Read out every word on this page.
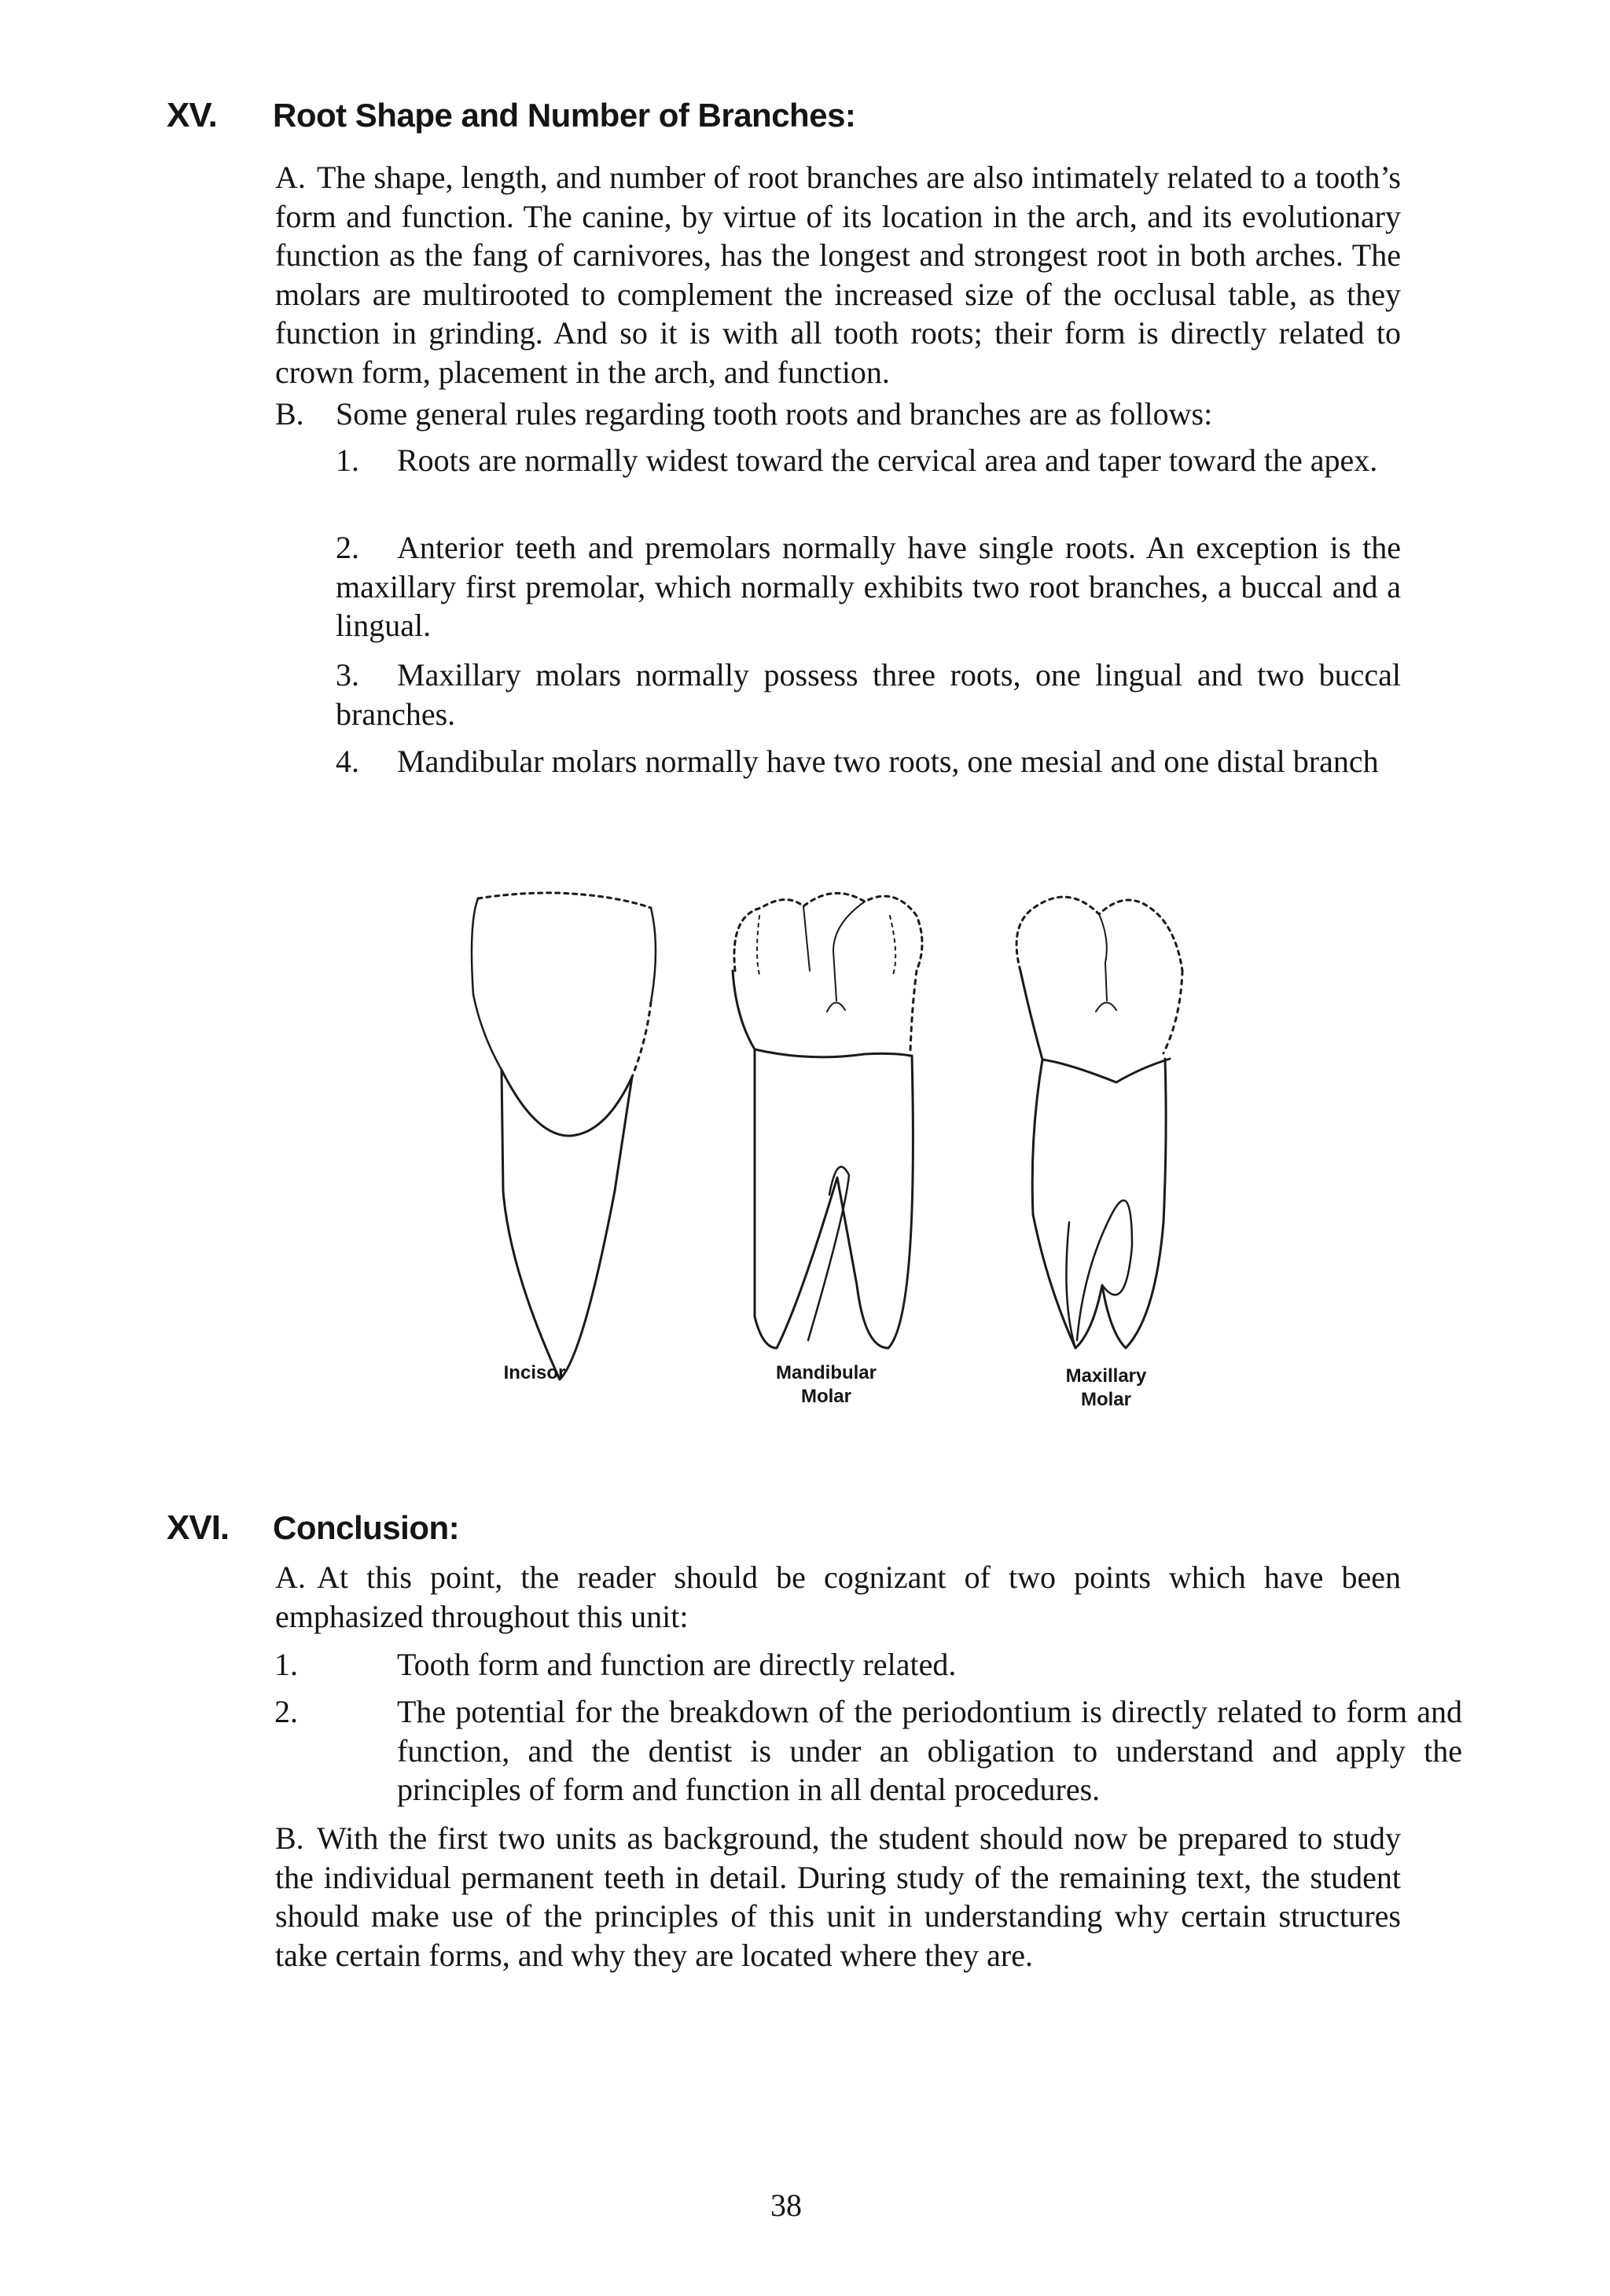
XV.	Root Shape and Number of Branches:

A. The shape, length, and number of root branches are also intimately related to a tooth’s form and function. The canine, by virtue of its location in the arch, and its evolutionary function as the fang of carnivores, has the longest and strongest root in both arches. The molars are multirooted to complement the increased size of the occlusal table, as they function in grinding. And so it is with all tooth roots; their form is directly related to crown form, placement in the arch, and function.

B. Some general rules regarding tooth roots and branches are as follows:

1. Roots are normally widest toward the cervical area and taper toward the apex.

2. Anterior teeth and premolars normally have single roots. An exception is the maxillary first premolar, which normally exhibits two root branches, a buccal and a lingual.

3. Maxillary molars normally possess three roots, one lingual and two buccal branches.

4. Mandibular molars normally have two roots, one mesial and one distal branch

Incisor	Mandibular
Molar
Maxillary
Molar
XVI.	Conclusion:

A. At this point, the reader should be cognizant of two points which have been emphasized throughout this unit:

1.	Tooth form and function are directly related.

2.	The potential for the breakdown of the periodontium is directly related to form and function, and the dentist is under an obligation to understand and apply the principles of form and function in all dental procedures.

B. With the first two units as background, the student should now be prepared to study the individual permanent teeth in detail. During study of the remaining text, the student should make use of the principles of this unit in understanding why certain structures take certain forms, and why they are located where they are.

38
